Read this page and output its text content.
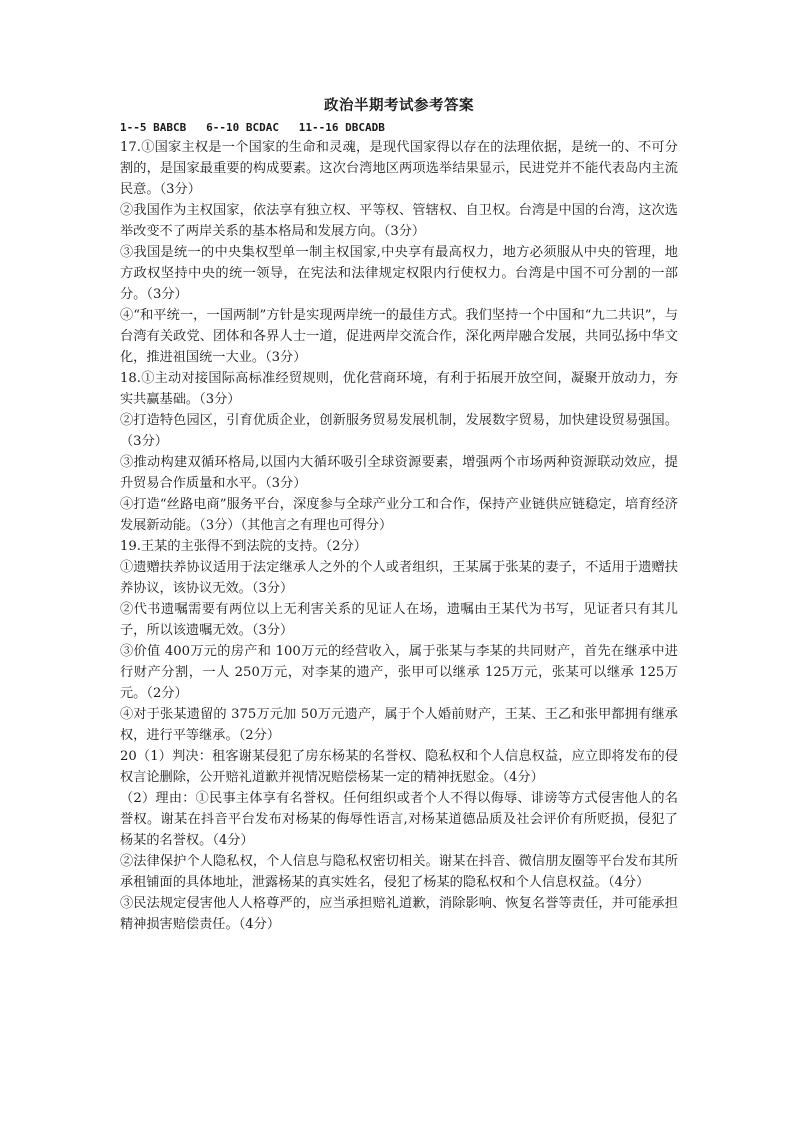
政治半期考试参考答案

1--5 BABCB   6--10 BCDAC   11--16 DBCADB

17.①国家主权是一个国家的生命和灵魂，是现代国家得以存在的法理依据，是统一的、不可分割的，是国家最重要的构成要素。这次台湾地区两项选举结果显示，民进党并不能代表岛内主流民意。（3分）

②我国作为主权国家，依法享有独立权、平等权、管辖权、自卫权。台湾是中国的台湾，这次选举改变不了两岸关系的基本格局和发展方向。（3分）

③我国是统一的中央集权型单一制主权国家,中央享有最高权力，地方必须服从中央的管理，地方政权坚持中央的统一领导，在宪法和法律规定权限内行使权力。台湾是中国不可分割的一部分。（3分）

④“和平统一，一国两制”方针是实现两岸统一的最佳方式。我们坚持一个中国和“九二共识”，与台湾有关政党、团体和各界人士一道，促进两岸交流合作，深化两岸融合发展，共同弘扬中华文化，推进祖国统一大业。（3分）

18.①主动对接国际高标准经贸规则，优化营商环境，有利于拓展开放空间，凝聚开放动力，夯实共赢基础。（3分）

②打造特色园区，引育优质企业，创新服务贸易发展机制，发展数字贸易，加快建设贸易强国。（3分）

③推动构建双循环格局,以国内大循环吸引全球资源要素，增强两个市场两种资源联动效应，提升贸易合作质量和水平。（3分）

④打造“丝路电商”服务平台，深度参与全球产业分工和合作，保持产业链供应链稳定，培育经济发展新动能。（3分）（其他言之有理也可得分）

19.王某的主张得不到法院的支持。（2分）

①遗赠扶养协议适用于法定继承人之外的个人或者组织，王某属于张某的妻子，不适用于遗赠扶养协议，该协议无效。（3分）

②代书遗嘱需要有两位以上无利害关系的见证人在场，遗嘱由王某代为书写，见证者只有其儿子，所以该遗嘱无效。（3分）

③价值 400万元的房产和 100万元的经营收入，属于张某与李某的共同财产，首先在继承中进行财产分割，一人 250万元，对李某的遗产，张甲可以继承 125万元，张某可以继承 125万元。（2分）

④对于张某遗留的 375万元加 50万元遗产，属于个人婚前财产，王某、王乙和张甲都拥有继承权，进行平等继承。（2分）

20（1）判决：租客谢某侵犯了房东杨某的名誉权、隐私权和个人信息权益，应立即将发布的侵权言论删除，公开赔礼道歉并视情况赔偿杨某一定的精神抚慰金。（4分）

（2）理由：①民事主体享有名誉权。任何组织或者个人不得以侮辱、诽谤等方式侵害他人的名誉权。谢某在抖音平台发布对杨某的侮辱性语言,对杨某道德品质及社会评价有所贬损，侵犯了杨某的名誉权。（4分）

②法律保护个人隐私权，个人信息与隐私权密切相关。谢某在抖音、微信朋友圈等平台发布其所承租铺面的具体地址，泄露杨某的真实姓名，侵犯了杨某的隐私权和个人信息权益。（4分）

③民法规定侵害他人人格尊严的，应当承担赔礼道歉，消除影响、恢复名誉等责任，并可能承担精神损害赔偿责任。（4分）
